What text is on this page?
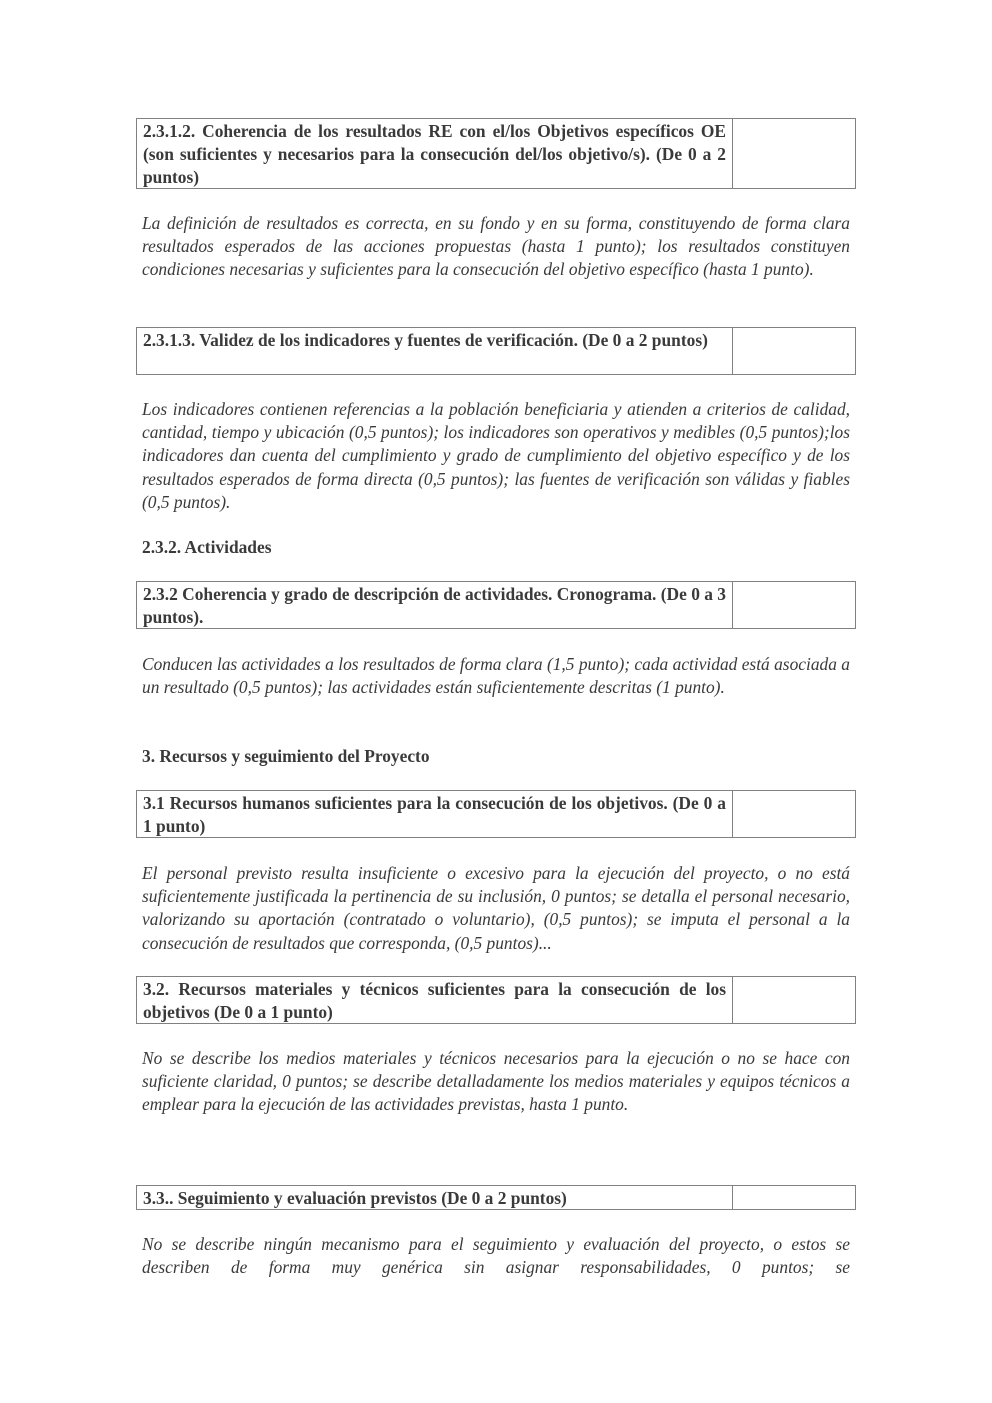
2.3.1.2. Coherencia de los resultados RE con el/los Objetivos específicos OE (son suficientes y necesarios para la consecución del/los objetivo/s). (De 0 a 2 puntos)

La definición de resultados es correcta, en su fondo y en su forma, constituyendo de forma clara resultados esperados de las acciones propuestas (hasta 1 punto); los resultados constituyen condiciones necesarias y suficientes para la consecución del objetivo específico (hasta 1 punto).

2.3.1.3. Validez de los indicadores y fuentes de verificación. (De 0 a 2 puntos)

Los indicadores contienen referencias a la población beneficiaria y atienden a criterios de calidad, cantidad, tiempo y ubicación (0,5 puntos); los indicadores son operativos y medibles (0,5 puntos);los indicadores dan cuenta del cumplimiento y grado de cumplimiento del objetivo específico y de los resultados esperados de forma directa (0,5 puntos); las fuentes de verificación son válidas y fiables (0,5 puntos).

2.3.2. Actividades

2.3.2 Coherencia y grado de descripción de actividades. Cronograma. (De 0 a 3 puntos).

Conducen las actividades a los resultados de forma clara (1,5 punto); cada actividad está asociada a un resultado (0,5 puntos); las actividades están suficientemente descritas (1 punto).

3. Recursos y seguimiento del Proyecto

3.1 Recursos humanos suficientes para la consecución de los objetivos. (De 0 a 1 punto)

El personal previsto resulta insuficiente o excesivo para la ejecución del proyecto, o no está suficientemente justificada la pertinencia de su inclusión, 0 puntos; se detalla el personal necesario, valorizando su aportación (contratado o voluntario), (0,5 puntos); se imputa el personal a la consecución de resultados que corresponda, (0,5 puntos)...

3.2. Recursos materiales y técnicos suficientes para la consecución de los objetivos (De 0 a 1 punto)

No se describe los medios materiales y técnicos necesarios para la ejecución o no se hace con suficiente claridad, 0 puntos; se describe detalladamente los medios materiales y equipos técnicos a emplear para la ejecución de las actividades previstas, hasta 1 punto.

3.3.. Seguimiento y evaluación previstos (De 0 a 2 puntos)

No se describe ningún mecanismo para el seguimiento y evaluación del proyecto, o estos se describen de forma muy genérica sin asignar responsabilidades, 0 puntos; se
